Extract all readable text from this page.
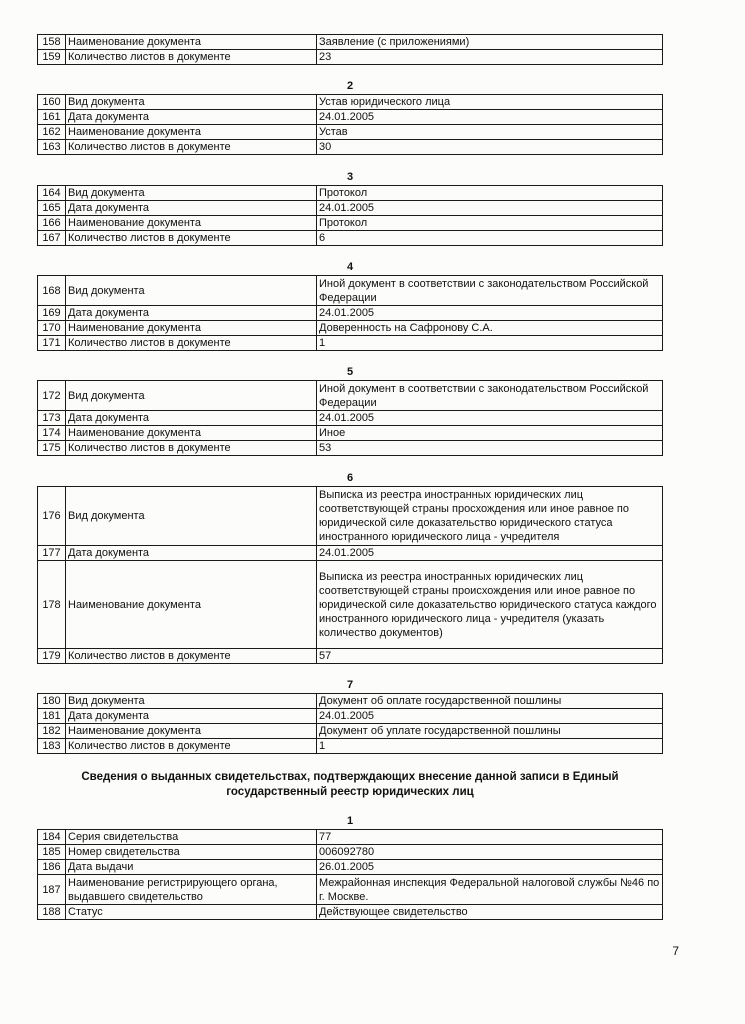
158	Наименование документа	Заявление (с приложениями)
159	Количество листов в документе	23
2
160	Вид документа	Устав юридического лица
161	Дата документа	24.01.2005
162	Наименование документа	Устав
163	Количество листов в документе	30
3
164	Вид документа	Протокол
165	Дата документа	24.01.2005
166	Наименование документа	Протокол
167	Количество листов в документе	6
4
168	Вид документа	Иной документ в соответствии с законодательством Российской Федерации
169	Дата документа	24.01.2005
170	Наименование документа	Доверенность на Сафронову С.А.
171	Количество листов в документе	1
5
172	Вид документа	Иной документ в соответствии с законодательством Российской Федерации
173	Дата документа	24.01.2005
174	Наименование документа	Иное
175	Количество листов в документе	53
6
176	Вид документа	Выписка из реестра иностранных юридических лиц соответствующей страны просхождения или иное равное по юридической силе доказательство юридического статуса иностранного юридического лица - учредителя
177	Дата документа	24.01.2005
178	Наименование документа	Выписка из реестра иностранных юридических лиц соответствующей страны происхождения или иное равное по юридической силе доказательство юридического статуса каждого иностранного юридического лица - учредителя (указать количество документов)
179	Количество листов в документе	57
7
180	Вид документа	Документ об оплате государственной пошлины
181	Дата документа	24.01.2005
182	Наименование документа	Документ об уплате государственной пошлины
183	Количество листов в документе	1
Сведения о выданных свидетельствах, подтверждающих внесение данной записи в Единый государственный реестр юридических лиц
1
184	Серия свидетельства	77
185	Номер свидетельства	006092780
186	Дата выдачи	26.01.2005
187	Наименование регистрирующего органа, выдавшего свидетельство	Межрайонная инспекция Федеральной налоговой службы №46 по г. Москве.
188	Статус	Действующее свидетельство
7
